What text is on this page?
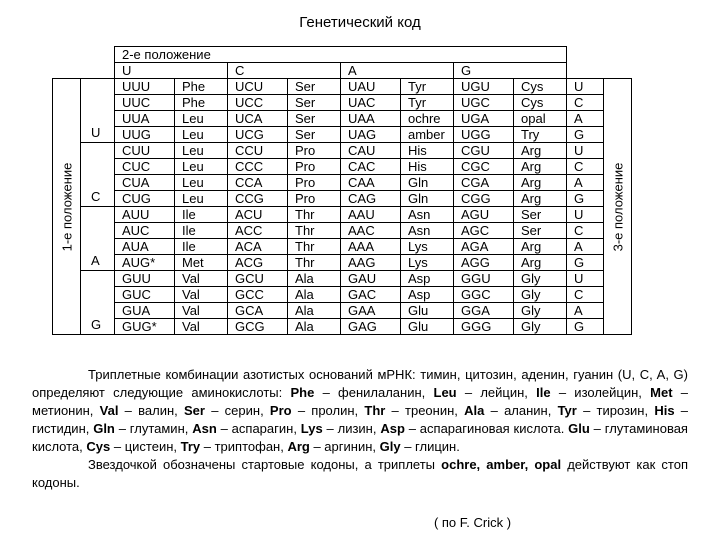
Генетический код
		2-е положение									
		U		C		A		G			

1-е положение	U	UUU	Phe	UCU	Ser	UAU	Tyr	UGU	Cys	U	3-е положение

		UUC	Phe	UCC	Ser	UAC	Tyr	UGC	Cys	C	
		UUA	Leu	UCA	Ser	UAA	ochre	UGA	opal	A	
		UUG	Leu	UCG	Ser	UAG	amber	UGG	Try	G	
	C	CUU	Leu	CCU	Pro	CAU	His	CGU	Arg	U	
		CUC	Leu	CCC	Pro	CAC	His	CGC	Arg	C	
		CUA	Leu	CCA	Pro	CAA	Gln	CGA	Arg	A	
		CUG	Leu	CCG	Pro	CAG	Gln	CGG	Arg	G	
	A	AUU	Ile	ACU	Thr	AAU	Asn	AGU	Ser	U	
		AUC	Ile	ACC	Thr	AAC	Asn	AGC	Ser	C	
		AUA	Ile	ACA	Thr	AAA	Lys	AGA	Arg	A	
		AUG*	Met	ACG	Thr	AAG	Lys	AGG	Arg	G	
	G	GUU	Val	GCU	Ala	GAU	Asp	GGU	Gly	U	
		GUC	Val	GCC	Ala	GAC	Asp	GGC	Gly	C	
		GUA	Val	GCA	Ala	GAA	Glu	GGA	Gly	A	
		GUG*	Val	GCG	Ala	GAG	Glu	GGG	Gly	G	

Триплетные комбинации азотистых оснований мРНК: тимин, цитозин, аденин, гуанин (U, C, A, G) определяют следующие аминокислоты: Phe – фенилаланин, Leu – лейцин, Ile – изолейцин, Met – метионин, Val – валин, Ser – серин, Pro – пролин, Thr – треонин, Ala – аланин, Tyr – тирозин, His – гистидин, Gln – глутамин, Asn – аспарагин, Lys – лизин, Asp – аспарагиновая кислота. Glu – глутаминовая кислота, Cys – цистеин, Try – триптофан, Arg – аргинин, Gly – глицин.

Звездочкой обозначены стартовые кодоны, а триплеты ochre, amber, opal действуют как стоп кодоны.

( по F. Crick )
